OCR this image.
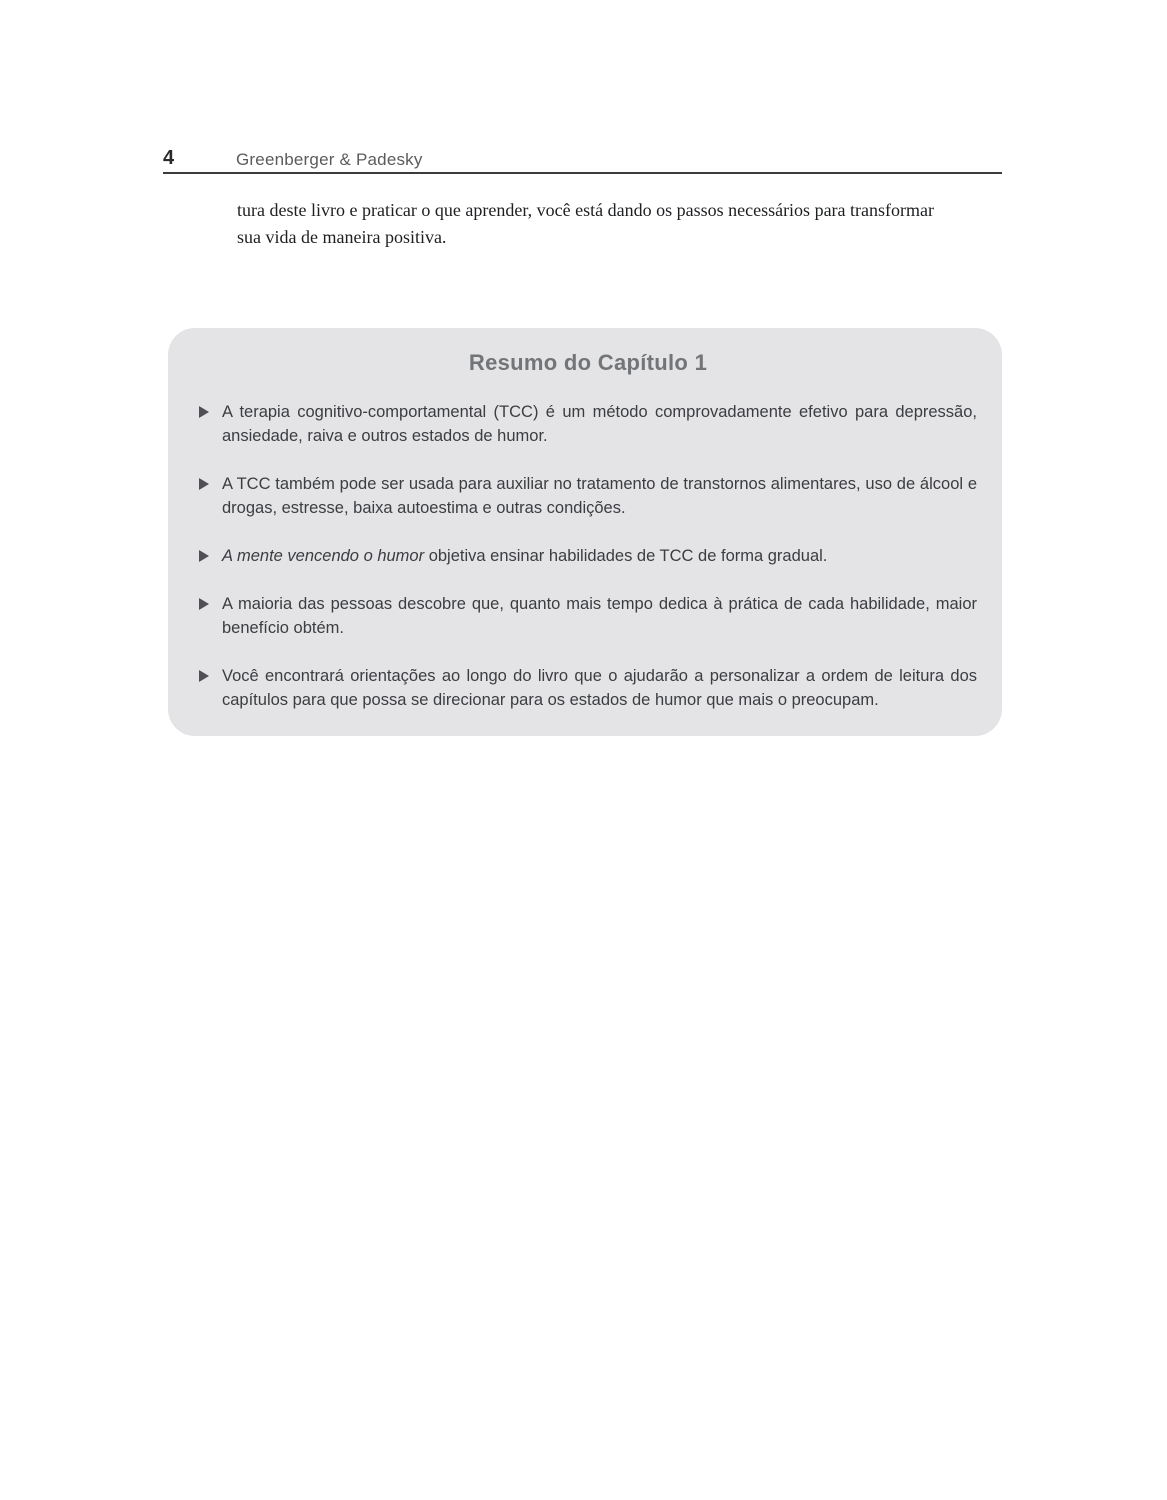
4	Greenberger & Padesky

tura deste livro e praticar o que aprender, você está dando os passos necessários para transformar sua vida de maneira positiva.

Resumo do Capítulo 1

A terapia cognitivo-comportamental (TCC) é um método comprovadamente efetivo para depressão, ansiedade, raiva e outros estados de humor.

A TCC também pode ser usada para auxiliar no tratamento de transtornos alimentares, uso de álcool e drogas, estresse, baixa autoestima e outras condições.

A mente vencendo o humor objetiva ensinar habilidades de TCC de forma gradual.

A maioria das pessoas descobre que, quanto mais tempo dedica à prática de cada habilidade, maior benefício obtém.

Você encontrará orientações ao longo do livro que o ajudarão a personalizar a ordem de leitura dos capítulos para que possa se direcionar para os estados de humor que mais o preocupam.
